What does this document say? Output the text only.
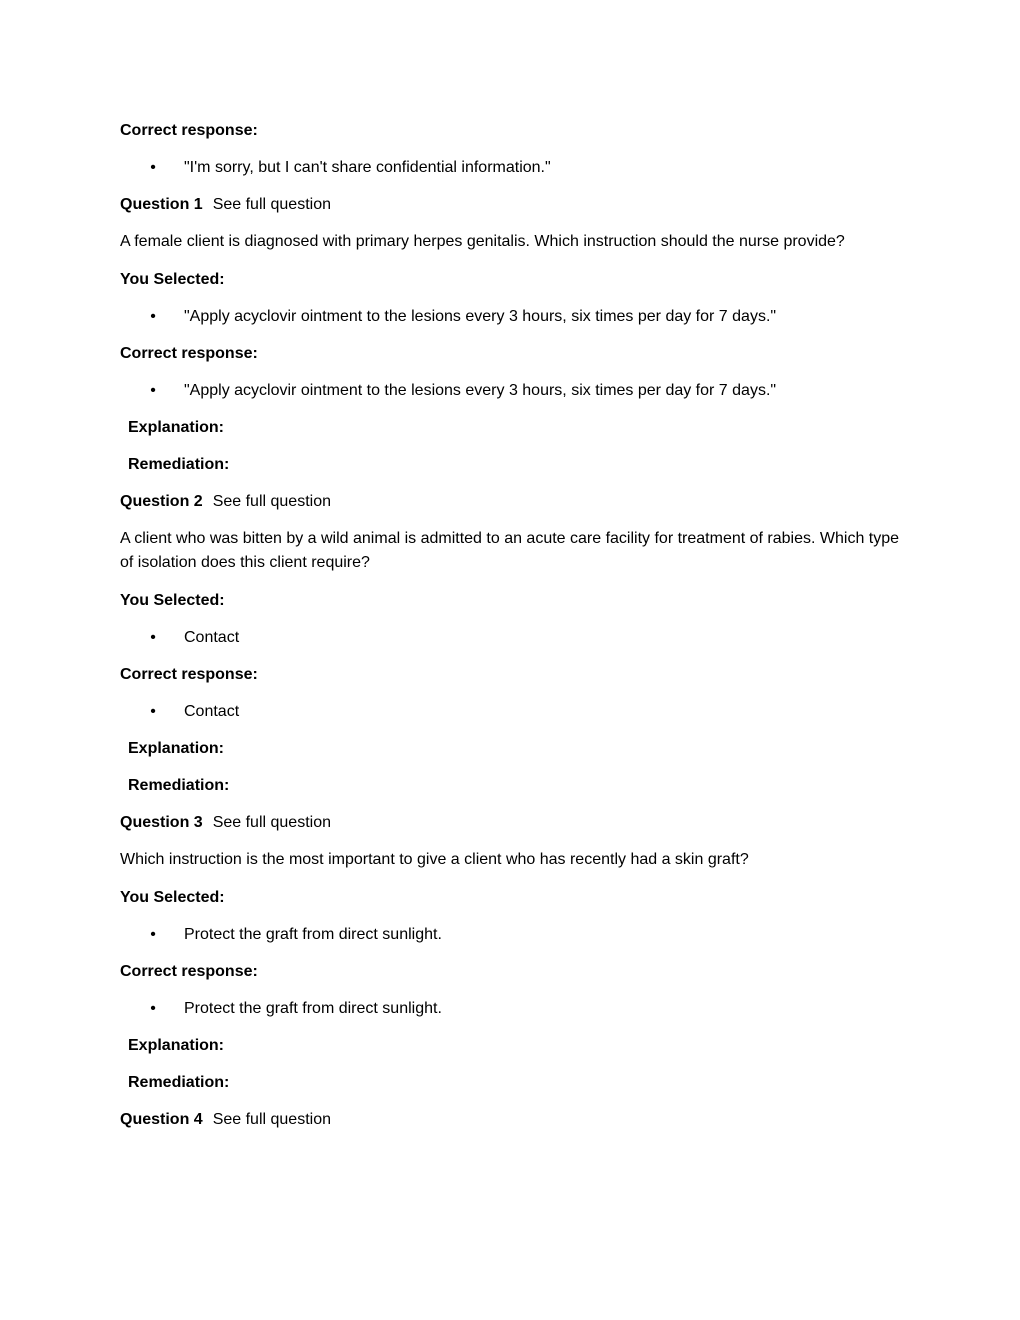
Correct response:
• "I'm sorry, but I can't share confidential information."
Question 1 See full question
A female client is diagnosed with primary herpes genitalis. Which instruction should the nurse provide?
You Selected:
• "Apply acyclovir ointment to the lesions every 3 hours, six times per day for 7 days."
Correct response:
• "Apply acyclovir ointment to the lesions every 3 hours, six times per day for 7 days."
Explanation:
Remediation:
Question 2 See full question
A client who was bitten by a wild animal is admitted to an acute care facility for treatment of rabies. Which type of isolation does this client require?
You Selected:
• Contact
Correct response:
• Contact
Explanation:
Remediation:
Question 3 See full question
Which instruction is the most important to give a client who has recently had a skin graft?
You Selected:
• Protect the graft from direct sunlight.
Correct response:
• Protect the graft from direct sunlight.
Explanation:
Remediation:
Question 4 See full question
